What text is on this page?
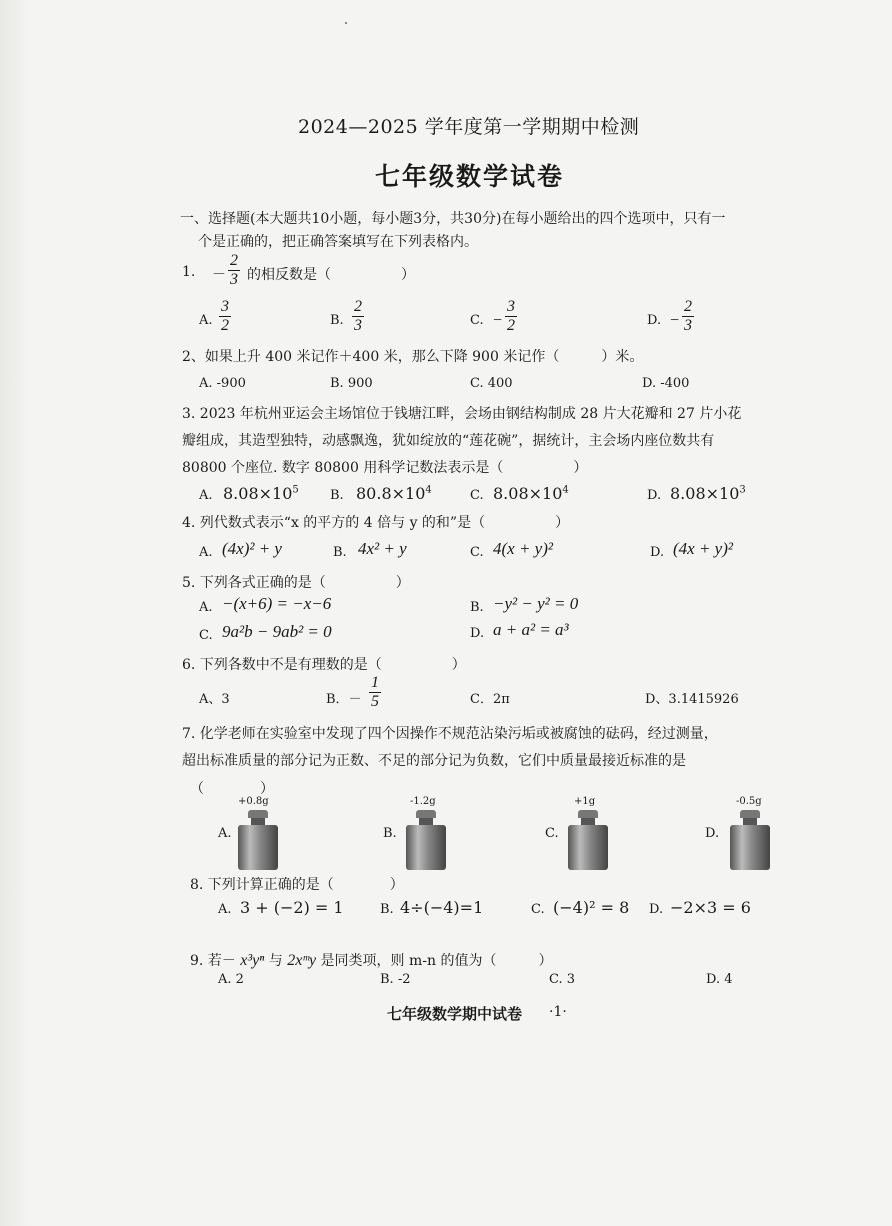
2024—2025 学年度第一学期期中检测
七年级数学试卷
一、选择题(本大题共10小题，每小题3分，共30分)在每小题给出的四个选项中，只有一
个是正确的，把正确答案填写在下列表格内。
1. － $\frac{2}{3}$ 的相反数是（　　　　　）
A. $\frac{3}{2}$	B. $\frac{2}{3}$	C. − $\frac{3}{2}$	D. − $\frac{2}{3}$
2、如果上升 400 米记作＋400 米，那么下降 900 米记作（　　　）米。
A. -900	B. 900	C. 400	D. -400
3. 2023 年杭州亚运会主场馆位于钱塘江畔，会场由钢结构制成 28 片大花瓣和 27 片小花
瓣组成，其造型独特，动感飘逸，犹如绽放的“莲花碗”，据统计，主会场内座位数共有
80800 个座位. 数字 80800 用科学记数法表示是（　　　　　）
A. $8.08\times 10^5$ B. $80.8\times 10^4$	C. $8.08\times 10^4$	D. $8.08\times 10^3$
4. 列代数式表示“x 的平方的 4 倍与 y 的和”是（　　　　　）
A. (4x)² + y	B. 4x² + y	C. 4(x + y)²	D. (4x + y)²
5. 下列各式正确的是（　　　　　）
A. −(x+6) = −x−6	B. −y² − y² = 0
C. 9a²b − 9ab² = 0	D. a + a² = a³
6. 下列各数中不是有理数的是（　　　　　）
A、3	B．－ $\frac{1}{5}$	C．2π	D、3.1415926
7. 化学老师在实验室中发现了四个因操作不规范沾染污垢或被腐蚀的砝码，经过测量，
超出标准质量的部分记为正数、不足的部分记为负数，它们中质量最接近标准的是
（　　　　）
+0.8g
A.
-1.2g
B.
+1g
C.
-0.5g
D.
8. 下列计算正确的是（　　　　）
A. 3 + (−2) = 1	B. 4÷(−4)=1	C. (−4)² = 8 D. −2×3 = 6
9. 若－ x³yⁿ 与 2xᵐy 是同类项，则 m-n 的值为（　　　）
A. 2	B. -2	C. 3	D. 4
七年级数学期中试卷 ·1·
